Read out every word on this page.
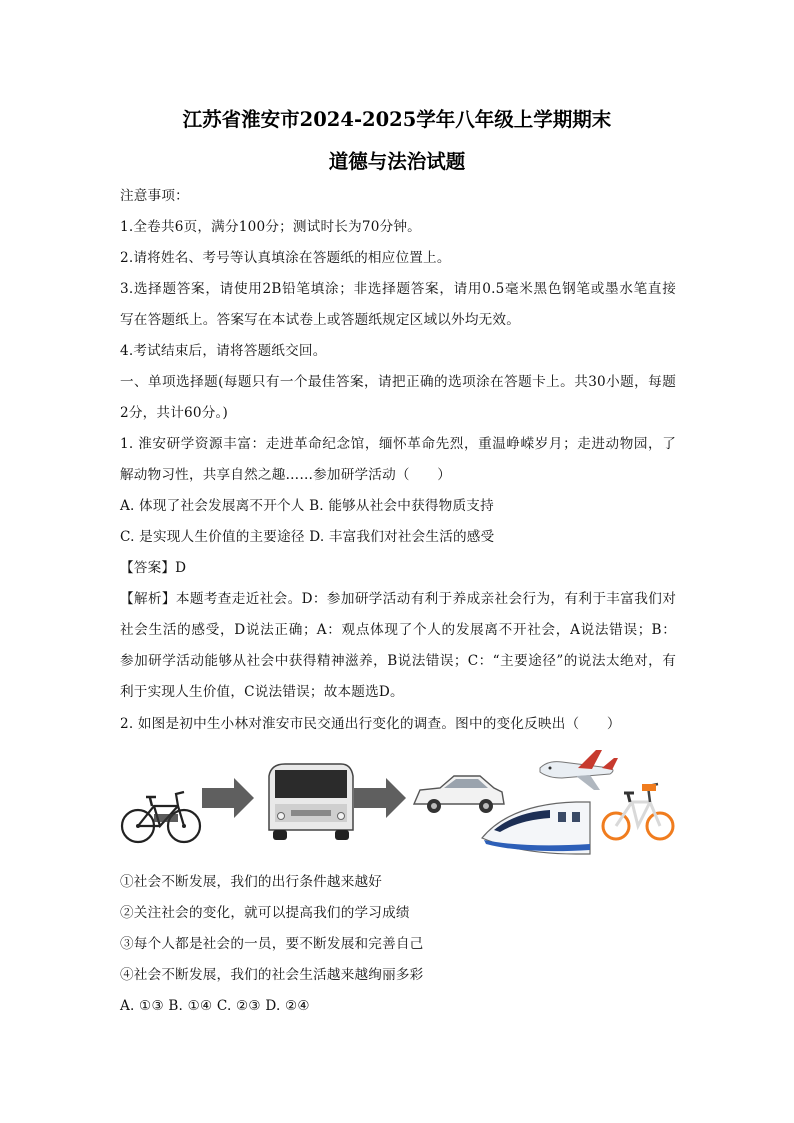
江苏省淮安市2024-2025学年八年级上学期期末
道德与法治试题
注意事项：
1.全卷共6页，满分100分；测试时长为70分钟。
2.请将姓名、考号等认真填涂在答题纸的相应位置上。
3.选择题答案，请使用2B铅笔填涂；非选择题答案，请用0.5毫米黑色钢笔或墨水笔直接
写在答题纸上。答案写在本试卷上或答题纸规定区域以外均无效。
4.考试结束后，请将答题纸交回。
一、单项选择题(每题只有一个最佳答案，请把正确的选项涂在答题卡上。共30小题，每题
2分，共计60分。)
1. 淮安研学资源丰富：走进革命纪念馆，缅怀革命先烈，重温峥嵘岁月；走进动物园，了
解动物习性，共享自然之趣……参加研学活动（　　）
A. 体现了社会发展离不开个人 B. 能够从社会中获得物质支持
C. 是实现人生价值的主要途径 D. 丰富我们对社会生活的感受
【答案】D
【解析】本题考查走近社会。D：参加研学活动有利于养成亲社会行为，有利于丰富我们对
社会生活的感受，D说法正确；A：观点体现了个人的发展离不开社会，A说法错误；B：
参加研学活动能够从社会中获得精神滋养，B说法错误；C：“主要途径”的说法太绝对，有
利于实现人生价值，C说法错误；故本题选D。
2. 如图是初中生小林对淮安市民交通出行变化的调查。图中的变化反映出（　　）
①社会不断发展，我们的出行条件越来越好
②关注社会的变化，就可以提高我们的学习成绩
③每个人都是社会的一员，要不断发展和完善自己
④社会不断发展，我们的社会生活越来越绚丽多彩
A. ①③ B. ①④ C. ②③ D. ②④
